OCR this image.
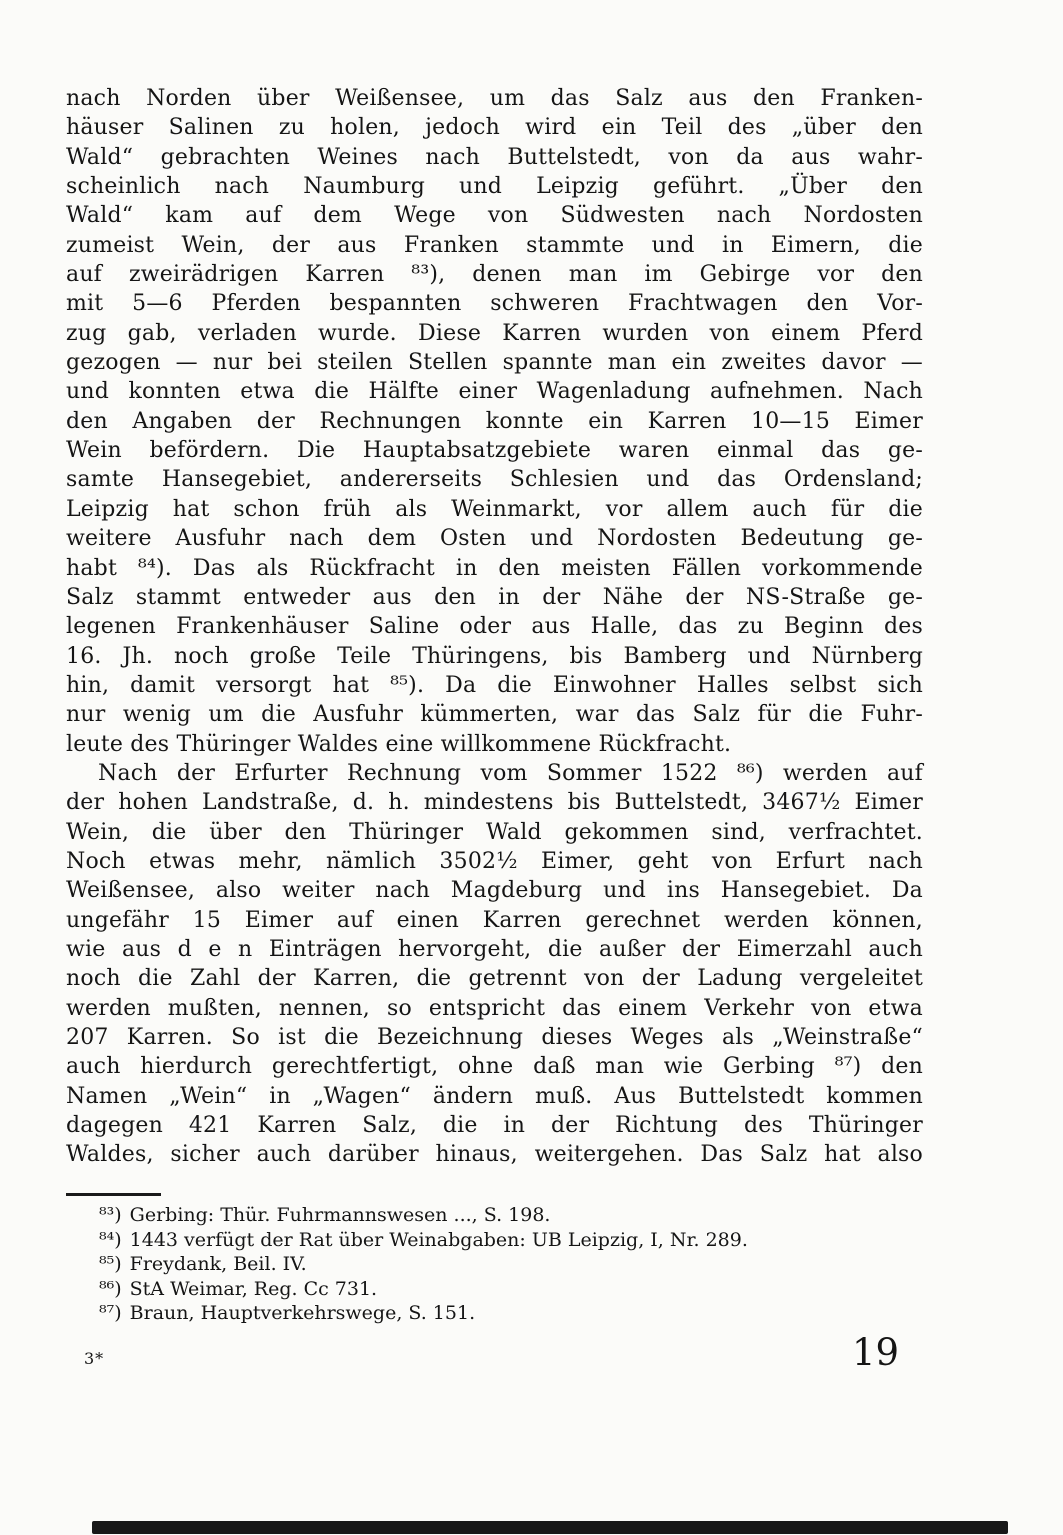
nach Norden über Weißensee, um das Salz aus den Franken-
häuser Salinen zu holen, jedoch wird ein Teil des „über den
Wald“ gebrachten Weines nach Buttelstedt, von da aus wahr-
scheinlich nach Naumburg und Leipzig geführt. „Über den
Wald“ kam auf dem Wege von Südwesten nach Nordosten
zumeist Wein, der aus Franken stammte und in Eimern, die
auf zweirädrigen Karren ⁸³), denen man im Gebirge vor den
mit 5—6 Pferden bespannten schweren Frachtwagen den Vor-
zug gab, verladen wurde. Diese Karren wurden von einem Pferd
gezogen — nur bei steilen Stellen spannte man ein zweites davor —
und konnten etwa die Hälfte einer Wagenladung aufnehmen. Nach
den Angaben der Rechnungen konnte ein Karren 10—15 Eimer
Wein befördern. Die Hauptabsatzgebiete waren einmal das ge-
samte Hansegebiet, andererseits Schlesien und das Ordensland;
Leipzig hat schon früh als Weinmarkt, vor allem auch für die
weitere Ausfuhr nach dem Osten und Nordosten Bedeutung ge-
habt ⁸⁴). Das als Rückfracht in den meisten Fällen vorkommende
Salz stammt entweder aus den in der Nähe der NS-Straße ge-
legenen Frankenhäuser Saline oder aus Halle, das zu Beginn des
16. Jh. noch große Teile Thüringens, bis Bamberg und Nürnberg
hin, damit versorgt hat ⁸⁵). Da die Einwohner Halles selbst sich
nur wenig um die Ausfuhr kümmerten, war das Salz für die Fuhr-
leute des Thüringer Waldes eine willkommene Rückfracht.
Nach der Erfurter Rechnung vom Sommer 1522 ⁸⁶) werden auf
der hohen Landstraße, d. h. mindestens bis Buttelstedt, 3467½ Eimer
Wein, die über den Thüringer Wald gekommen sind, verfrachtet.
Noch etwas mehr, nämlich 3502½ Eimer, geht von Erfurt nach
Weißensee, also weiter nach Magdeburg und ins Hansegebiet. Da
ungefähr 15 Eimer auf einen Karren gerechnet werden können,
wie aus d e n Einträgen hervorgeht, die außer der Eimerzahl auch
noch die Zahl der Karren, die getrennt von der Ladung vergeleitet
werden mußten, nennen, so entspricht das einem Verkehr von etwa
207 Karren. So ist die Bezeichnung dieses Weges als „Weinstraße“
auch hierdurch gerechtfertigt, ohne daß man wie Gerbing ⁸⁷) den
Namen „Wein“ in „Wagen“ ändern muß. Aus Buttelstedt kommen
dagegen 421 Karren Salz, die in der Richtung des Thüringer
Waldes, sicher auch darüber hinaus, weitergehen. Das Salz hat also
⁸³) Gerbing: Thür. Fuhrmannswesen ..., S. 198.
⁸⁴) 1443 verfügt der Rat über Weinabgaben: UB Leipzig, I, Nr. 289.
⁸⁵) Freydank, Beil. IV.
⁸⁶) StA Weimar, Reg. Cc 731.
⁸⁷) Braun, Hauptverkehrswege, S. 151.
3*	19
